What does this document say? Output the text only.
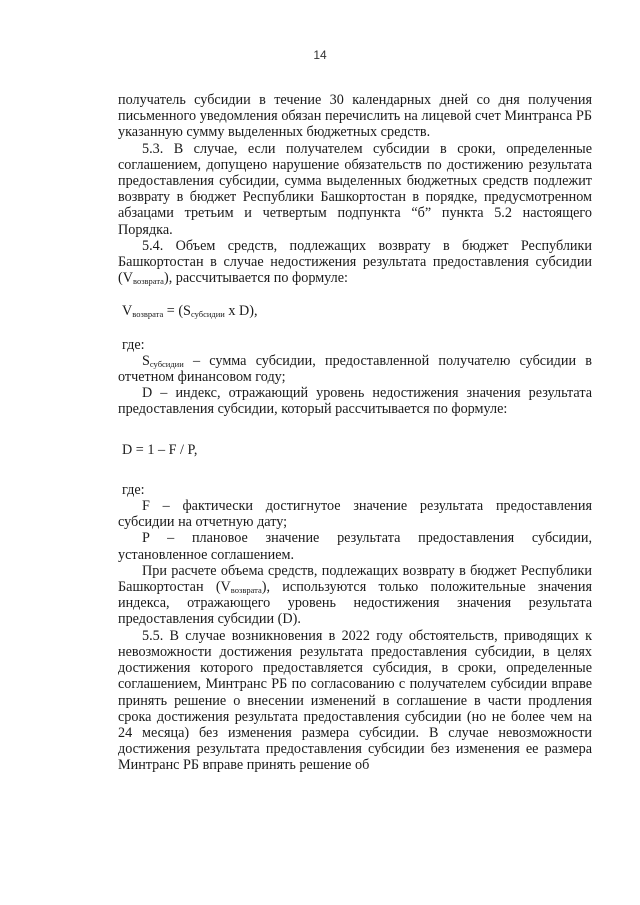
14

получатель субсидии в течение 30 календарных дней со дня получения письменного уведомления обязан перечислить на лицевой счет Минтранса РБ указанную сумму выделенных бюджетных средств.

5.3. В случае, если получателем субсидии в сроки, определенные соглашением, допущено нарушение обязательств по достижению результата предоставления субсидии, сумма выделенных бюджетных средств подлежит возврату в бюджет Республики Башкортостан в порядке, предусмотренном абзацами третьим и четвертым подпункта “б” пункта 5.2 настоящего Порядка.

5.4. Объем средств, подлежащих возврату в бюджет Республики Башкортостан в случае недостижения результата предоставления субсидии $(V_{возврата})$, рассчитывается по формуле:

$V_{возврата} = (S_{субсидии}$ x D),

где:

$S_{субсидии}$ – сумма субсидии, предоставленной получателю субсидии в отчетном финансовом году;

D – индекс, отражающий уровень недостижения значения результата предоставления субсидии, который рассчитывается по формуле:

D = 1 – F / P,

где:

F – фактически достигнутое значение результата предоставления субсидии на отчетную дату;

P – плановое значение результата предоставления субсидии, установленное соглашением.

При расчете объема средств, подлежащих возврату в бюджет Республики Башкортостан $(V_{возврата})$, используются только положительные значения индекса, отражающего уровень недостижения значения результата предоставления субсидии (D).

5.5. В случае возникновения в 2022 году обстоятельств, приводящих к невозможности достижения результата предоставления субсидии, в целях достижения которого предоставляется субсидия, в сроки, определенные соглашением, Минтранс РБ по согласованию с получателем субсидии вправе принять решение о внесении изменений в соглашение в части продления срока достижения результата предоставления субсидии (но не более чем на 24 месяца) без изменения размера субсидии. В случае невозможности достижения результата предоставления субсидии без изменения ее размера Минтранс РБ вправе принять решение об
